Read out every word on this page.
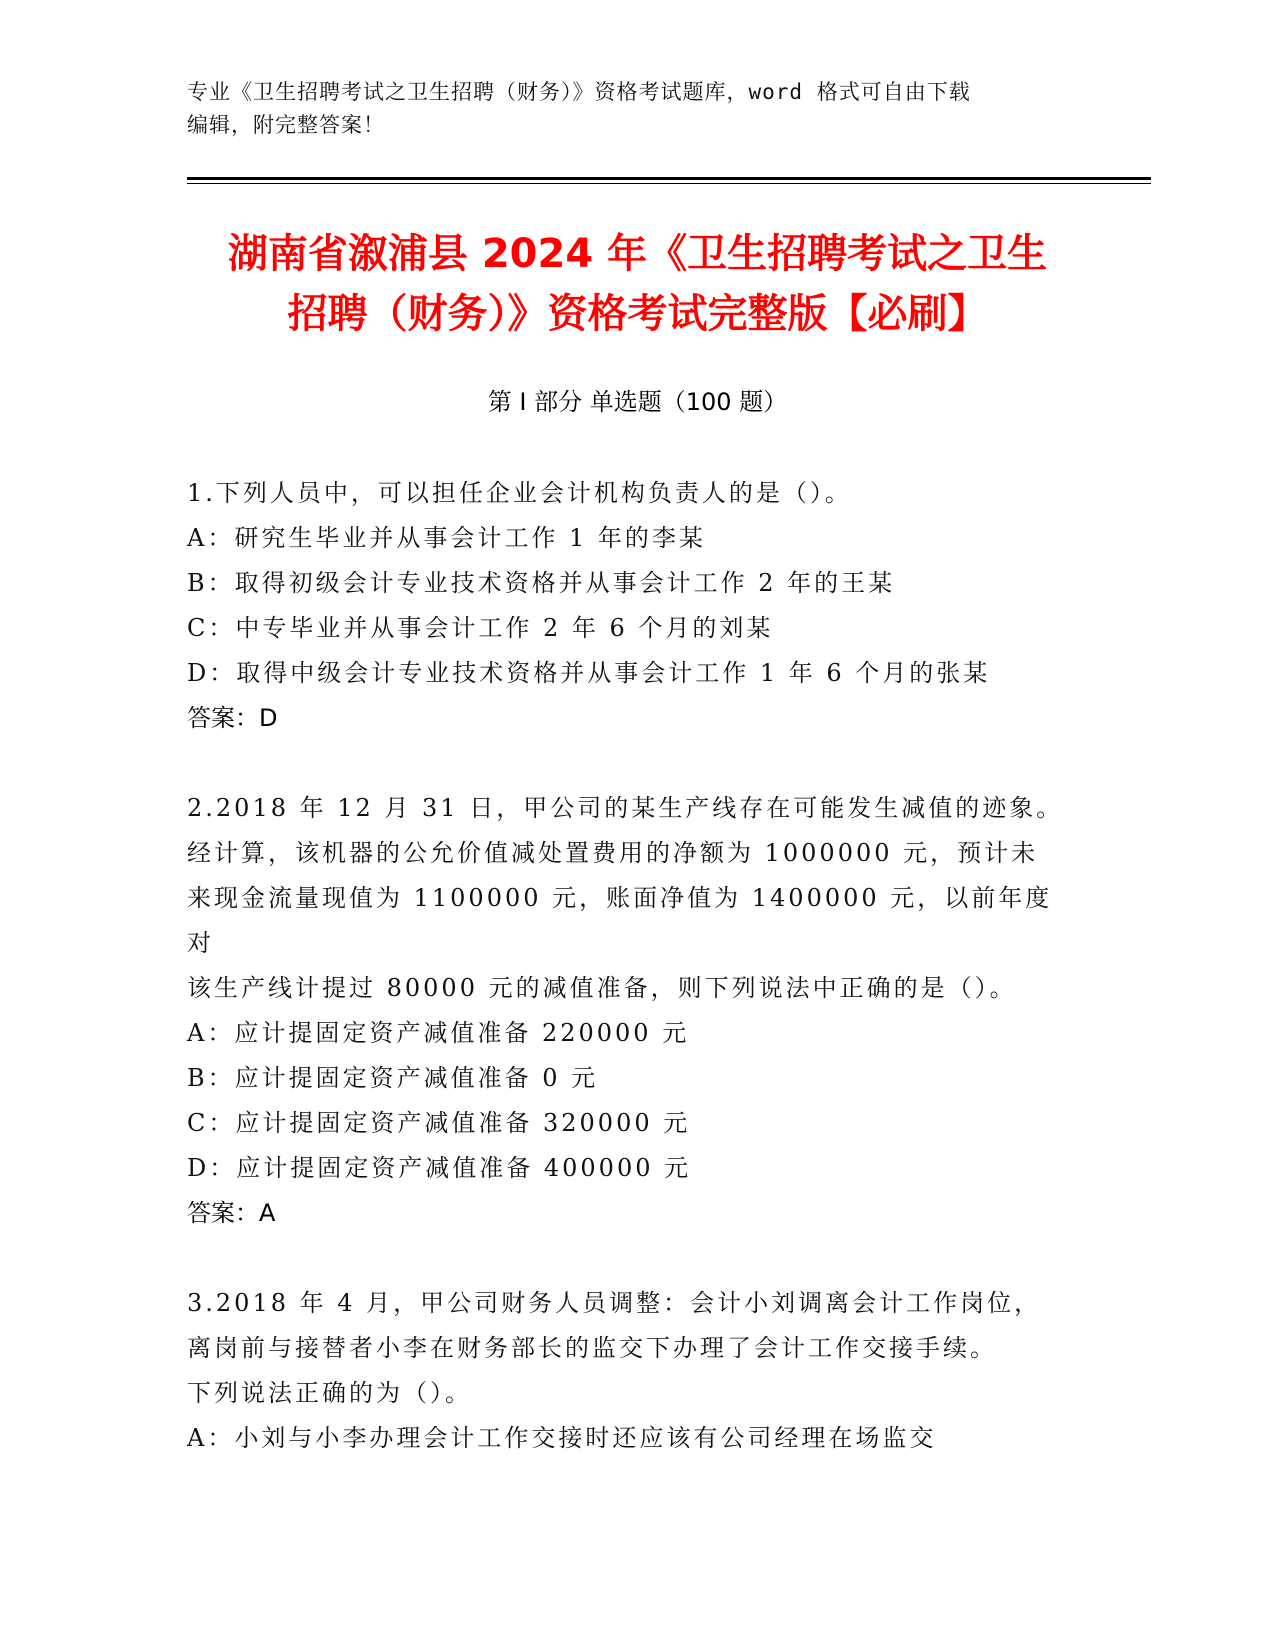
专业《卫生招聘考试之卫生招聘（财务）》资格考试题库，word 格式可自由下载
编辑，附完整答案！
湖南省溆浦县 2024 年《卫生招聘考试之卫生
招聘（财务）》资格考试完整版【必刷】
第 I 部分 单选题（100 题）
1.下列人员中，可以担任企业会计机构负责人的是（）。
A：研究生毕业并从事会计工作 1 年的李某
B：取得初级会计专业技术资格并从事会计工作 2 年的王某
C：中专毕业并从事会计工作 2 年 6 个月的刘某
D：取得中级会计专业技术资格并从事会计工作 1 年 6 个月的张某
答案：D
2.2018 年 12 月 31 日，甲公司的某生产线存在可能发生减值的迹象。
经计算，该机器的公允价值减处置费用的净额为 1000000 元，预计未
来现金流量现值为 1100000 元，账面净值为 1400000 元，以前年度对
该生产线计提过 80000 元的减值准备，则下列说法中正确的是（）。
A：应计提固定资产减值准备 220000 元
B：应计提固定资产减值准备 0 元
C：应计提固定资产减值准备 320000 元
D：应计提固定资产减值准备 400000 元
答案：A
3.2018 年 4 月，甲公司财务人员调整：会计小刘调离会计工作岗位，
离岗前与接替者小李在财务部长的监交下办理了会计工作交接手续。
下列说法正确的为（）。
A：小刘与小李办理会计工作交接时还应该有公司经理在场监交
